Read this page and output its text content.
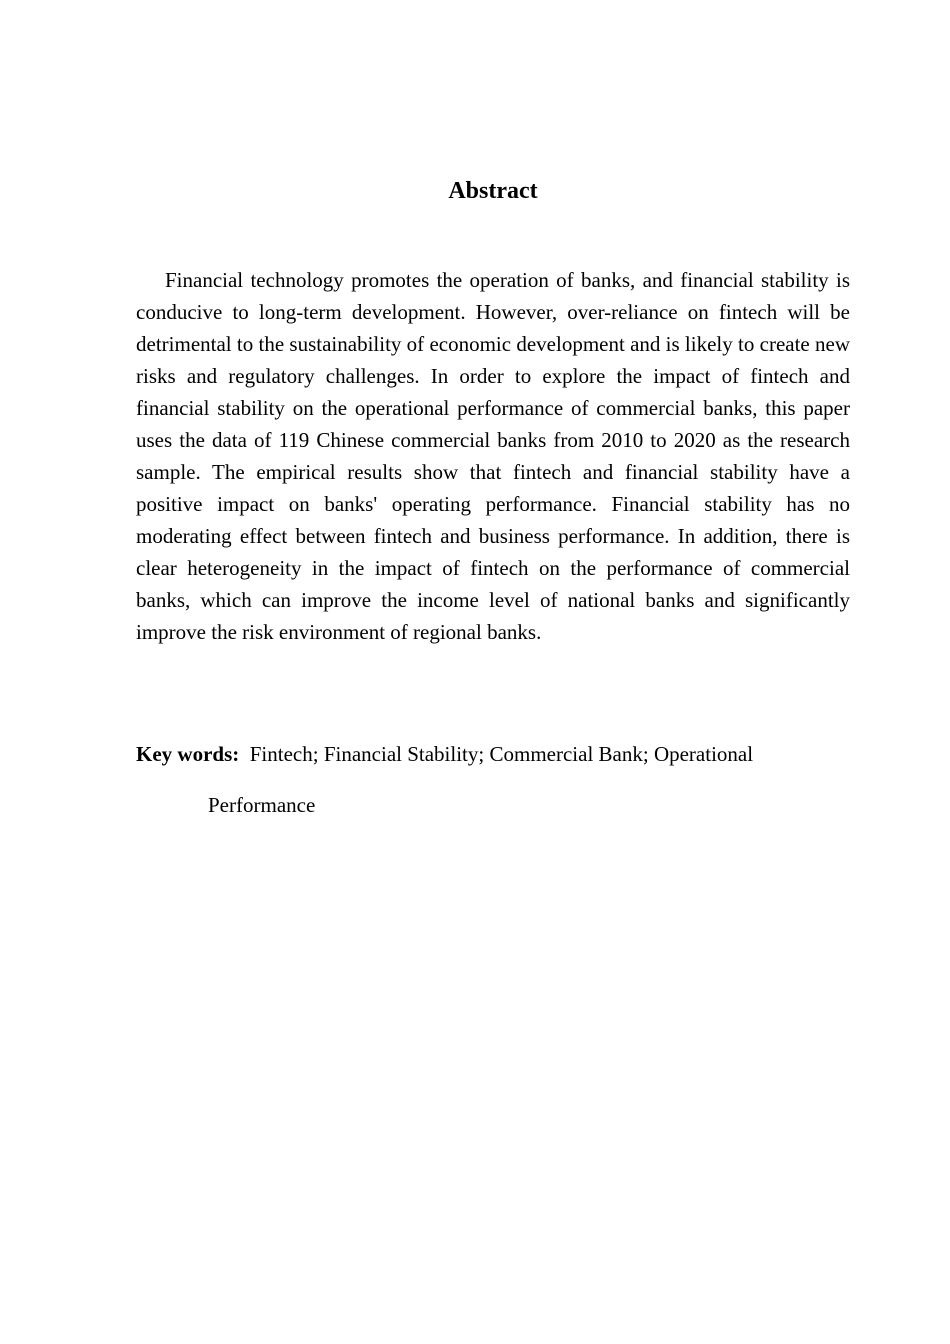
Abstract

Financial technology promotes the operation of banks, and financial stability is conducive to long-term development. However, over-reliance on fintech will be detrimental to the sustainability of economic development and is likely to create new risks and regulatory challenges. In order to explore the impact of fintech and financial stability on the operational performance of commercial banks, this paper uses the data of 119 Chinese commercial banks from 2010 to 2020 as the research sample. The empirical results show that fintech and financial stability have a positive impact on banks' operating performance. Financial stability has no moderating effect between fintech and business performance. In addition, there is clear heterogeneity in the impact of fintech on the performance of commercial banks, which can improve the income level of national banks and significantly improve the risk environment of regional banks.

Key words: Fintech; Financial Stability; Commercial Bank; Operational

Performance
